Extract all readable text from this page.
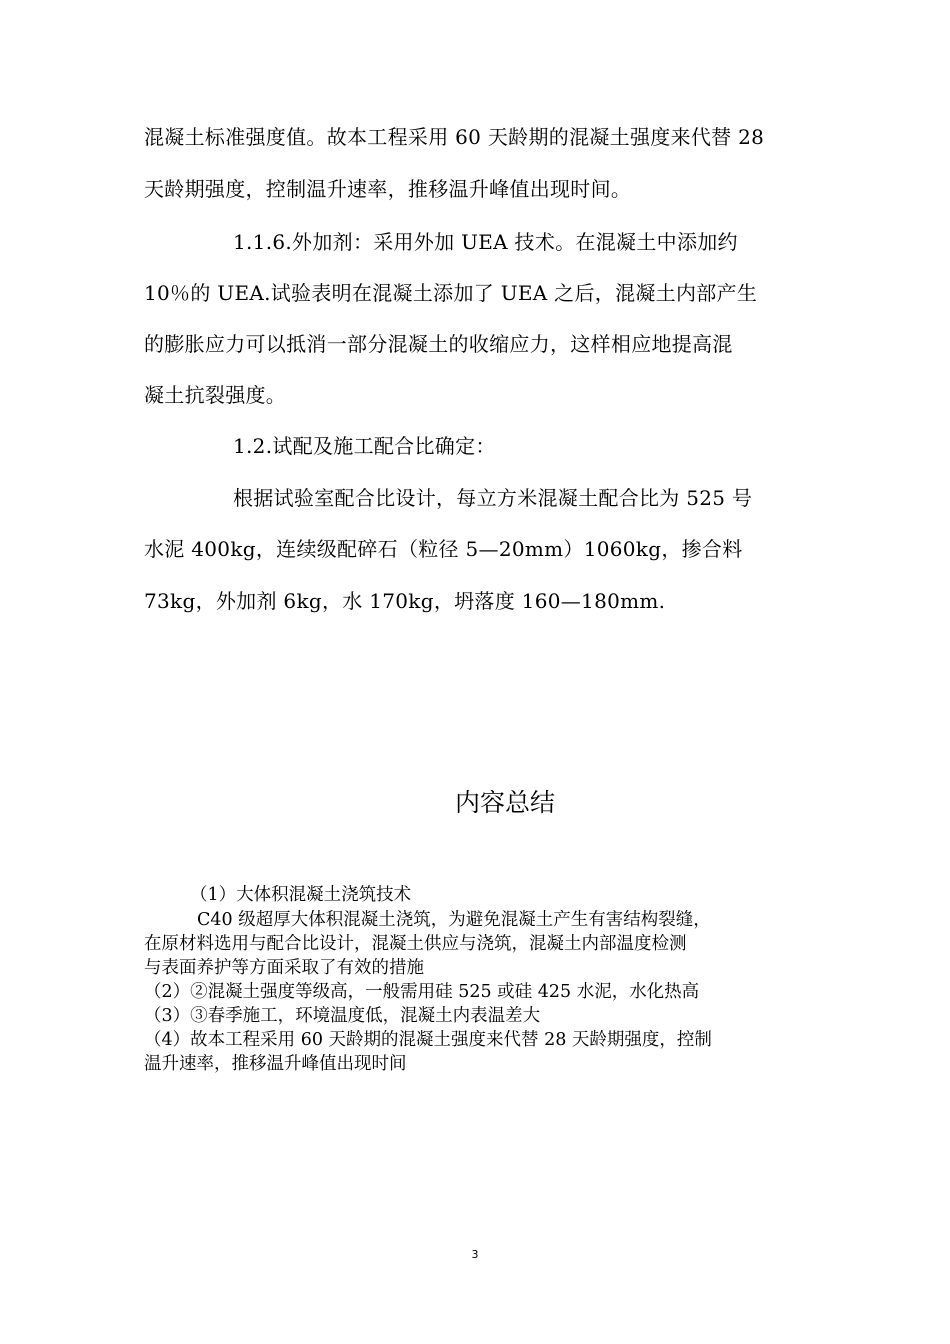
混凝土标准强度值。故本工程采用 60 天龄期的混凝土强度来代替 28
天龄期强度，控制温升速率，推移温升峰值出现时间。
1.1.6.外加剂：采用外加 UEA 技术。在混凝土中添加约
10％的 UEA.试验表明在混凝土添加了 UEA 之后，混凝土内部产生
的膨胀应力可以抵消一部分混凝土的收缩应力，这样相应地提高混
凝土抗裂强度。
1.2.试配及施工配合比确定：
根据试验室配合比设计，每立方米混凝土配合比为 525 号
水泥 400kg，连续级配碎石（粒径 5—20mm）1060kg，掺合料
73kg，外加剂 6kg，水 170kg，坍落度 160—180mm.
内容总结
（1）大体积混凝土浇筑技术
C40 级超厚大体积混凝土浇筑，为避免混凝土产生有害结构裂缝，
在原材料选用与配合比设计，混凝土供应与浇筑，混凝土内部温度检测
与表面养护等方面采取了有效的措施
（2）②混凝土强度等级高，一般需用硅 525 或硅 425 水泥，水化热高
（3）③春季施工，环境温度低，混凝土内表温差大
（4）故本工程采用 60 天龄期的混凝土强度来代替 28 天龄期强度，控制
温升速率，推移温升峰值出现时间
3
